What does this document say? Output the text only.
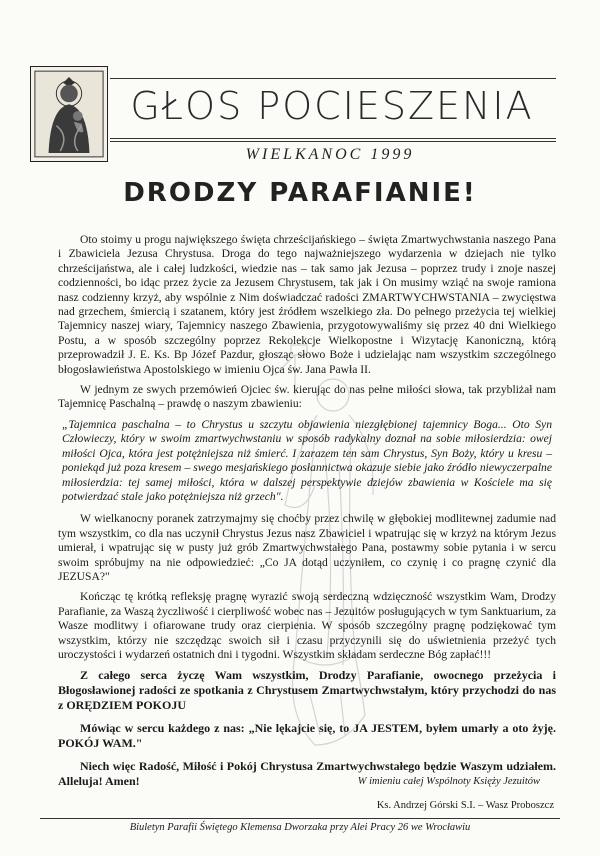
GŁOS POCIESZENIA
WIELKANOC 1999
DRODZY PARAFIANIE!

Oto stoimy u progu największego święta chrześcijańskiego – święta Zmartwychwstania naszego Pana i Zbawiciela Jezusa Chrystusa. Droga do tego najważniejszego wydarzenia w dziejach nie tylko chrześcijaństwa, ale i całej ludzkości, wiedzie nas – tak samo jak Jezusa – poprzez trudy i znoje naszej codzienności, bo idąc przez życie za Jezusem Chrystusem, tak jak i On musimy wziąć na swoje ramiona nasz codzienny krzyż, aby wspólnie z Nim doświadczać radości ZMARTWYCHWSTANIA – zwycięstwa nad grzechem, śmiercią i szatanem, który jest źródłem wszelkiego zła. Do pełnego przeżycia tej wielkiej Tajemnicy naszej wiary, Tajemnicy naszego Zbawienia, przygotowywaliśmy się przez 40 dni Wielkiego Postu, a w sposób szczególny poprzez Rekolekcje Wielkopostne i Wizytację Kanoniczną, którą przeprowadził J. E. Ks. Bp Józef Pazdur, głosząc słowo Boże i udzielając nam wszystkim szczególnego błogosławieństwa Apostolskiego w imieniu Ojca św. Jana Pawła II.

W jednym ze swych przemówień Ojciec św. kierując do nas pełne miłości słowa, tak przybliżał nam Tajemnicę Paschalną – prawdę o naszym zbawieniu:

„Tajemnica paschalna – to Chrystus u szczytu objawienia niezgłębionej tajemnicy Boga... Oto Syn Człowieczy, który w swoim zmartwychwstaniu w sposób radykalny doznał na sobie miłosierdzia: owej miłości Ojca, która jest potężniejsza niż śmierć. I zarazem ten sam Chrystus, Syn Boży, który u kresu – poniekąd już poza kresem – swego mesjańskiego posłannictwa okazuje siebie jako źródło niewyczerpalne miłosierdzia: tej samej miłości, która w dalszej perspektywie dziejów zbawienia w Kościele ma się potwierdzać stale jako potężniejsza niż grzech".

W wielkanocny poranek zatrzymajmy się choćby przez chwilę w głębokiej modlitewnej zadumie nad tym wszystkim, co dla nas uczynił Chrystus Jezus nasz Zbawiciel i wpatrując się w krzyż na którym Jezus umierał, i wpatrując się w pusty już grób Zmartwychwstałego Pana, postawmy sobie pytania i w sercu swoim spróbujmy na nie odpowiedzieć: „Co JA dotąd uczyniłem, co czynię i co pragnę czynić dla JEZUSA?"

Kończąc tę krótką refleksję pragnę wyrazić swoją serdeczną wdzięczność wszystkim Wam, Drodzy Parafianie, za Waszą życzliwość i cierpliwość wobec nas – Jezuitów posługujących w tym Sanktuarium, za Wasze modlitwy i ofiarowane trudy oraz cierpienia. W sposób szczególny pragnę podziękować tym wszystkim, którzy nie szczędząc swoich sił i czasu przyczynili się do uświetnienia przeżyć tych uroczystości i wydarzeń ostatnich dni i tygodni. Wszystkim składam serdeczne Bóg zapłać!!!

Z całego serca życzę Wam wszystkim, Drodzy Parafianie, owocnego przeżycia i Błogosławionej radości ze spotkania z Chrystusem Zmartwychwstałym, który przychodzi do nas z ORĘDZIEM POKOJU

Mówiąc w sercu każdego z nas: „Nie lękajcie się, to JA JESTEM, byłem umarły a oto żyję. POKÓJ WAM."

Niech więc Radość, Miłość i Pokój Chrystusa Zmartwychwstałego będzie Waszym udziałem. Alleluja! Amen!	W imieniu całej Wspólnoty Księży Jezuitów
Ks. Andrzej Górski S.I. – Wasz Proboszcz
Biuletyn Parafii Świętego Klemensa Dworzaka przy Alei Pracy 26 we Wrocławiu
